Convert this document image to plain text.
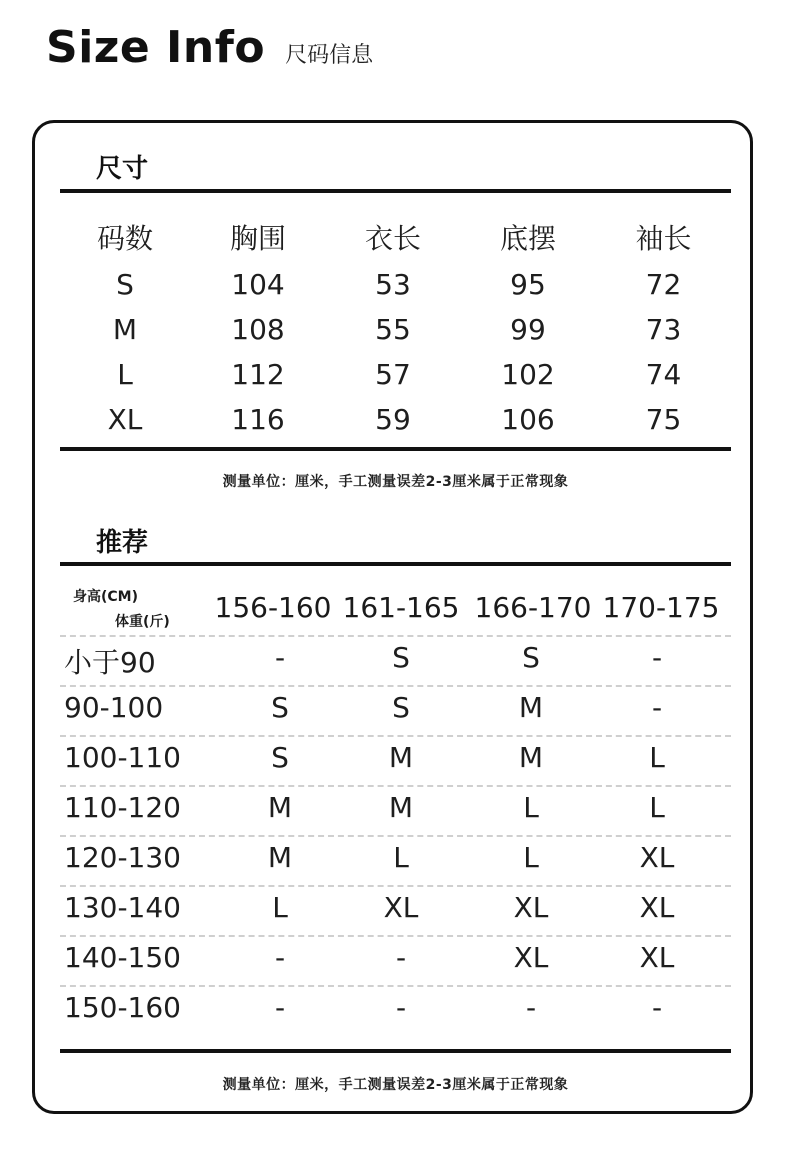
Size Info 尺码信息
尺寸
码数	胸围	衣长	底摆	袖长
S	104	53	95	72
M	108	55	99	73
L	112	57	102	74
XL	116	59	106	75
测量单位：厘米，手工测量误差2-3厘米属于正常现象
推荐
身高(CM)
体重(斤) 156-160 161-165 166-170 170-175
小于90	-	S	S	-
90-100	S	S	M	-
100-110	S	M	M	L
110-120	M	M	L	L
120-130	M	L	L	XL
130-140	L	XL	XL	XL
140-150	-	-	XL	XL
150-160	-	-	-	-
测量单位：厘米，手工测量误差2-3厘米属于正常现象
